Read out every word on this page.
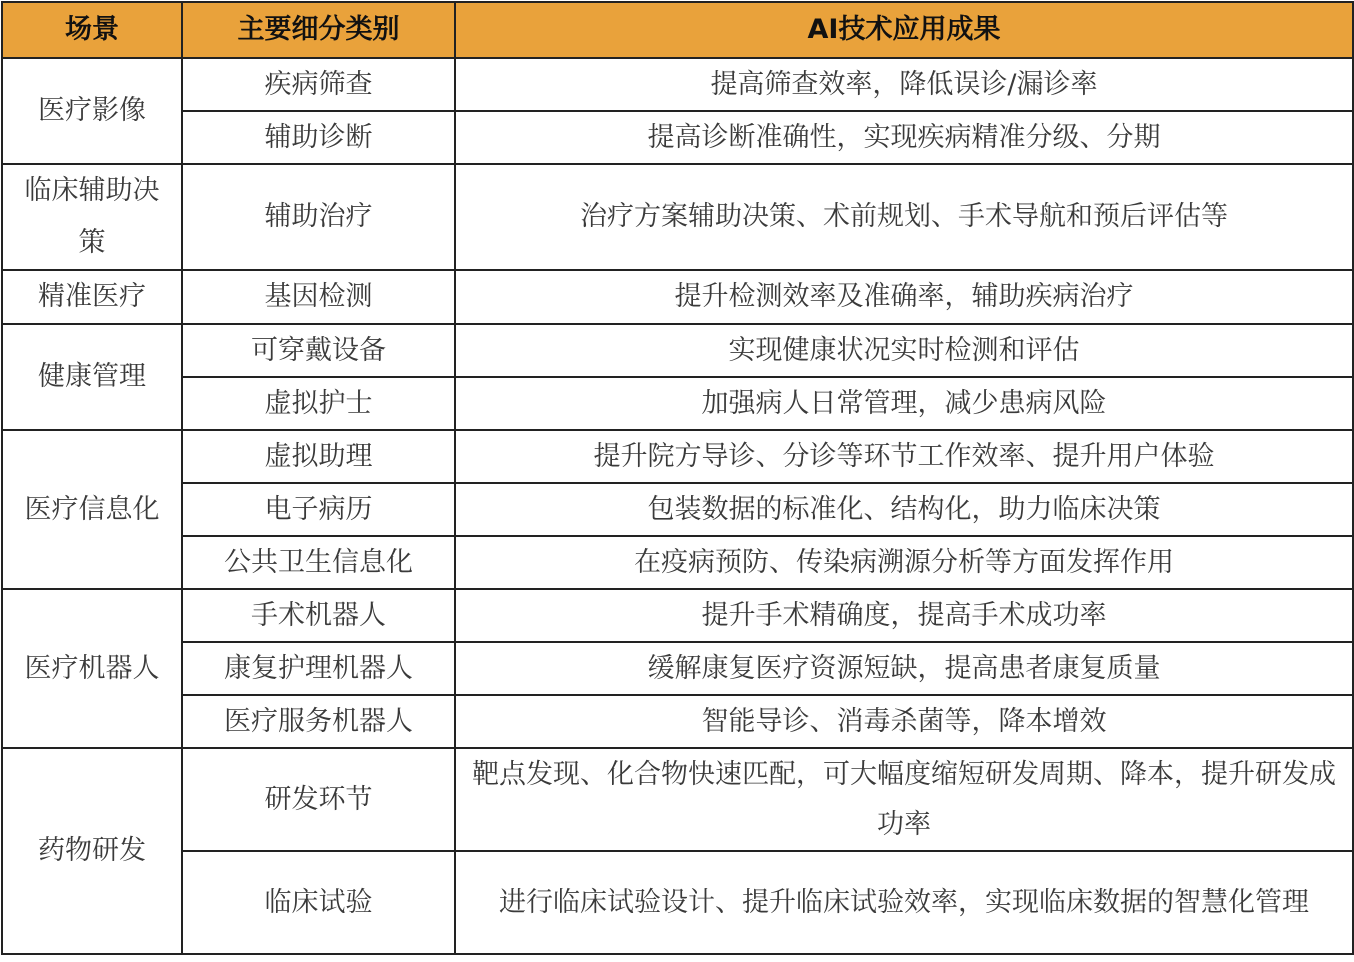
场景	主要细分类别	AI技术应用成果
医疗影像	疾病筛查	提高筛查效率，降低误诊/漏诊率
	辅助诊断	提高诊断准确性，实现疾病精准分级、分期
临床辅助决策	辅助治疗	治疗方案辅助决策、术前规划、手术导航和预后评估等
精准医疗	基因检测	提升检测效率及准确率，辅助疾病治疗
健康管理	可穿戴设备	实现健康状况实时检测和评估
	虚拟护士	加强病人日常管理，减少患病风险
医疗信息化	虚拟助理	提升院方导诊、分诊等环节工作效率、提升用户体验
	电子病历	包装数据的标准化、结构化，助力临床决策
	公共卫生信息化	在疫病预防、传染病溯源分析等方面发挥作用
医疗机器人	手术机器人	提升手术精确度，提高手术成功率
	康复护理机器人	缓解康复医疗资源短缺，提高患者康复质量
	医疗服务机器人	智能导诊、消毒杀菌等，降本增效
药物研发	研发环节	靶点发现、化合物快速匹配，可大幅度缩短研发周期、降本，提升研发成功率
	临床试验	进行临床试验设计、提升临床试验效率，实现临床数据的智慧化管理
